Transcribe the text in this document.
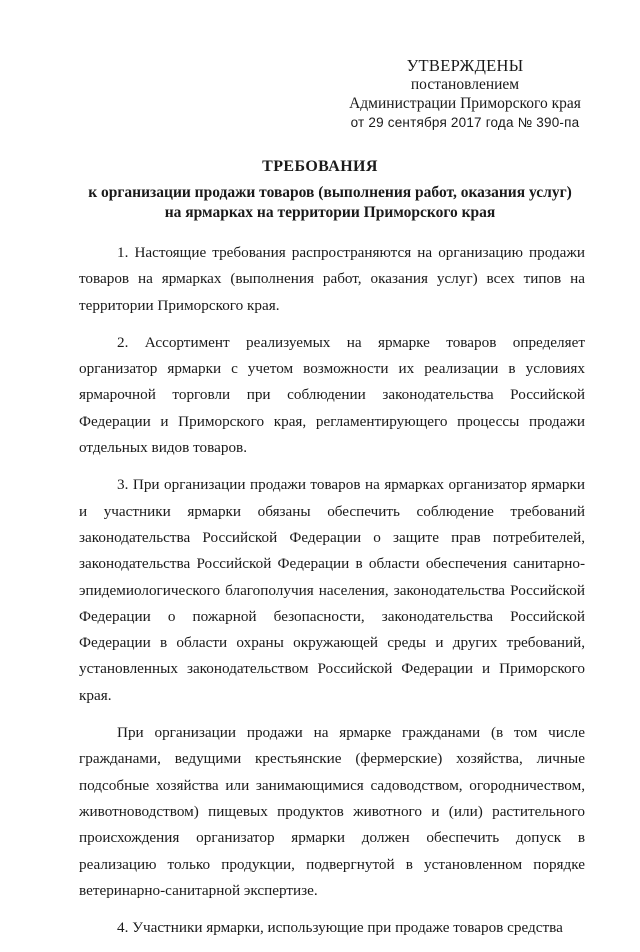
УТВЕРЖДЕНЫ
постановлением
Администрации Приморского края
от 29 сентября 2017 года № 390-па
ТРЕБОВАНИЯ
к организации продажи товаров (выполнения работ, оказания услуг) на ярмарках на территории Приморского края

1. Настоящие требования распространяются на организацию продажи товаров на ярмарках (выполнения работ, оказания услуг) всех типов на территории Приморского края.

2. Ассортимент реализуемых на ярмарке товаров определяет организатор ярмарки с учетом возможности их реализации в условиях ярмарочной торговли при соблюдении законодательства Российской Федерации и Приморского края, регламентирующего процессы продажи отдельных видов товаров.

3. При организации продажи товаров на ярмарках организатор ярмарки и участники ярмарки обязаны обеспечить соблюдение требований законодательства Российской Федерации о защите прав потребителей, законодательства Российской Федерации в области обеспечения санитарно-эпидемиологического благополучия населения, законодательства Российской Федерации о пожарной безопасности, законодательства Российской Федерации в области охраны окружающей среды и других требований, установленных законодательством Российской Федерации и Приморского края.

При организации продажи на ярмарке гражданами (в том числе гражданами, ведущими крестьянские (фермерские) хозяйства, личные подсобные хозяйства или занимающимися садоводством, огородничеством, животноводством) пищевых продуктов животного и (или) растительного происхождения организатор ярмарки должен обеспечить допуск в реализацию только продукции, подвергнутой в установленном порядке ветеринарно-санитарной экспертизе.

4. Участники ярмарки, использующие при продаже товаров средства
